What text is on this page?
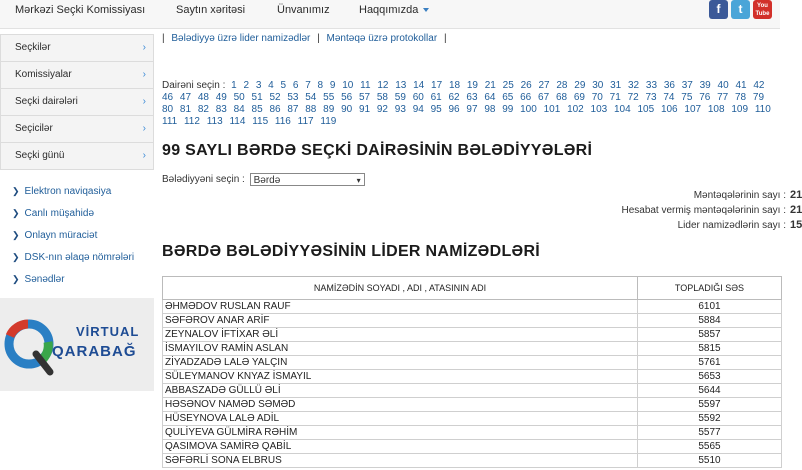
Mərkəzi Seçki Komissiyası	Saytın xəritəsi	Ünvanımız	Haqqımızda	f	t	You Tube
Seçkilər	›
Komissiyalar	›
Seçki dairələri	›
Seçicilər	›
Seçki günü	›
❯ Elektron naviqasiya
❯ Canlı müşahidə
❯ Onlayn müraciət
❯ DSK-nın əlaqə nömrələri
❯ Sənədlər
VİRTUAL
QARABAĞ
| Bələdiyyə üzrə lider namizədlər | Məntəqə üzrə protokollar |
Dairəni seçin : 1 2 3 4 5 6 7 8 9 10 11 12 13 14 17 18 19 21 25 26 27 28 29 30 31 32 33 36 37 39 40 41 42 46 47 48 49 50 51 52 53 54 55 56 57 58 59 60 61 62 63 64 65 66 67 68 69 70 71 72 73 74 75 76 77 78 79 80 81 82 83 84 85 86 87 88 89 90 91 92 93 94 95 96 97 98 99 100 101 102 103 104 105 106 107 108 109 110 111 112 113 114 115 116 117 119
99 SAYLI BƏRDƏ SEÇKİ DAİRƏSİNİN BƏLƏDİYYƏLƏRİ
Bələdiyyəni seçin : Bərdə	▾
Məntəqələrinin sayı : 21
Hesabat vermiş məntəqələrinin sayı : 21
Lider namizədlərin sayı : 15
BƏRDƏ BƏLƏDİYYƏSİNİN LİDER NAMİZƏDLƏRİ
NAMİZƏDİN SOYADI , ADI , ATASININ ADI	TOPLADIĞI SƏS
ƏHMƏDOV RUSLAN RAUF	6101
SƏFƏROV ANAR ARİF	5884
ZEYNALOV İFTİXAR ƏLİ	5857
İSMAYILOV RAMİN ASLAN	5815
ZİYADZADƏ LALƏ YALÇIN	5761
SÜLEYMANOV KNYAZ İSMAYIL	5653
ABBASZADƏ GÜLLÜ ƏLİ	5644
HƏSƏNOV NAMƏD SƏMƏD	5597
HÜSEYNOVA LALƏ ADİL	5592
QULİYEVA GÜLMİRA RƏHİM	5577
QASIMOVA SAMİRƏ QABİL	5565
SƏFƏRLİ SONA ELBRUS	5510
